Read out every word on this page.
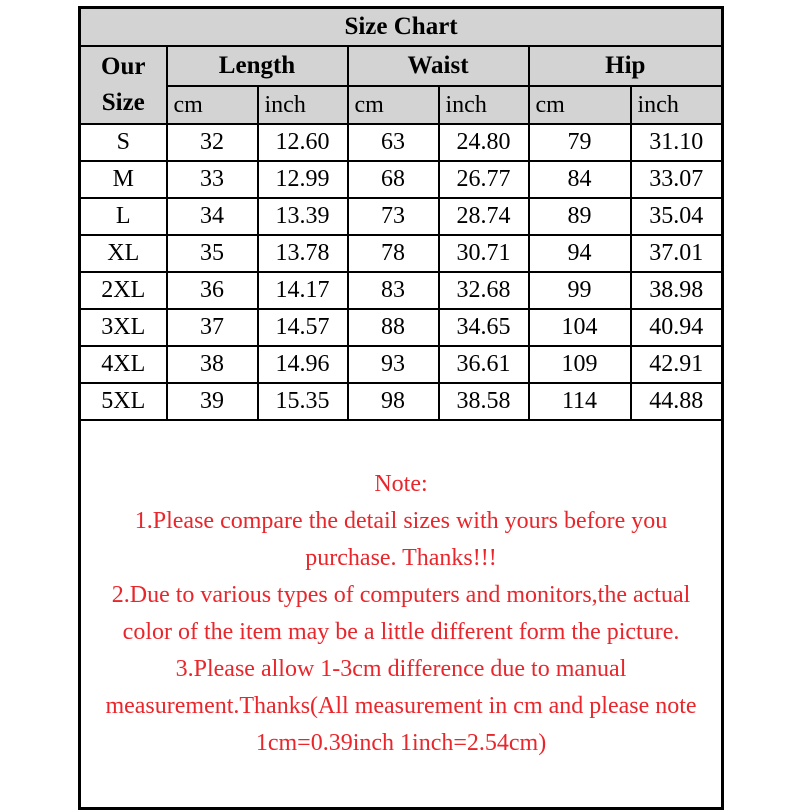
Size Chart						

Our
Size	Length		Waist		Hip	
	cm	inch	cm	inch	cm	inch
S	32	12.60	63	24.80	79	31.10
M	33	12.99	68	26.77	84	33.07
L	34	13.39	73	28.74	89	35.04
XL	35	13.78	78	30.71	94	37.01
2XL	36	14.17	83	32.68	99	38.98
3XL	37	14.57	88	34.65	104	40.94
4XL	38	14.96	93	36.61	109	42.91
5XL	39	15.35	98	38.58	114	44.88

Note:

1.Please compare the detail sizes with yours before you purchase. Thanks!!!

2.Due to various types of computers and monitors,the actual color of the item may be a little different form the picture.

3.Please allow 1-3cm difference due to manual measurement.Thanks(All measurement in cm and please note 1cm=0.39inch 1inch=2.54cm)						
